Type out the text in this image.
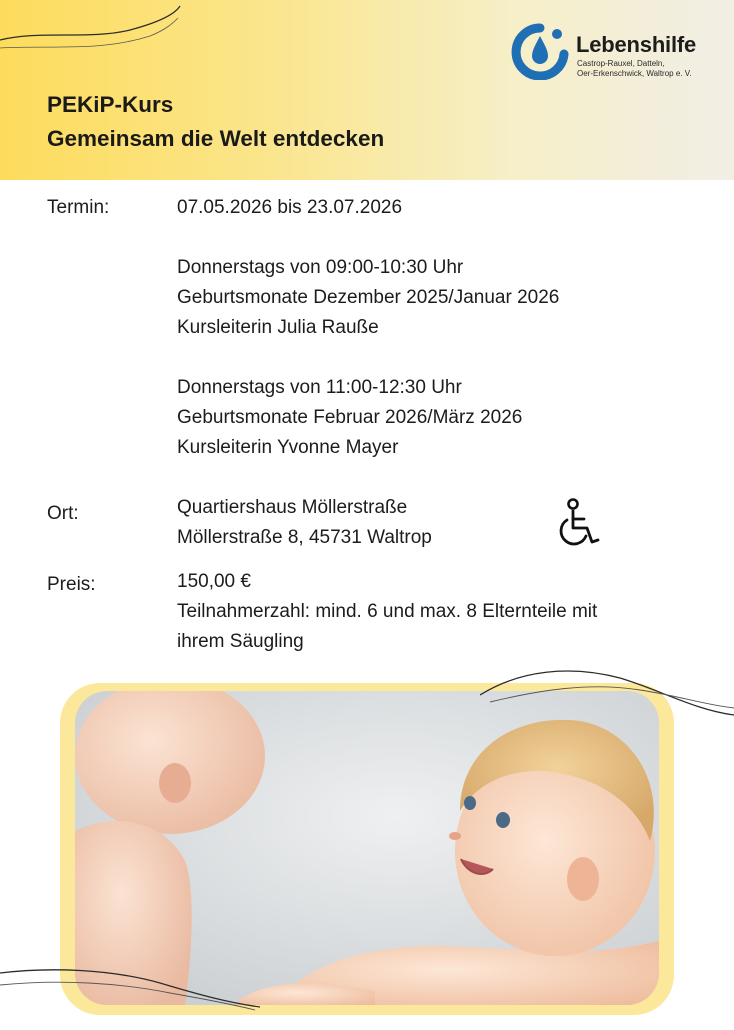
PEKiP-Kurs
Gemeinsam die Welt entdecken
Lebenshilfe
Castrop-Rauxel, Datteln,
Oer-Erkenschwick, Waltrop e. V.
Termin:	07.05.2026 bis 23.07.2026
Donnerstags von 09:00-10:30 Uhr
Geburtsmonate Dezember 2025/Januar 2026
Kursleiterin Julia Rauße
Donnerstags von 11:00-12:30 Uhr
Geburtsmonate Februar 2026/März 2026
Kursleiterin Yvonne Mayer
Ort:	Quartiershaus Möllerstraße
Möllerstraße 8, 45731 Waltrop
Preis:	150,00 €
Teilnahmerzahl: mind. 6 und max. 8 Elternteile mit
ihrem Säugling
